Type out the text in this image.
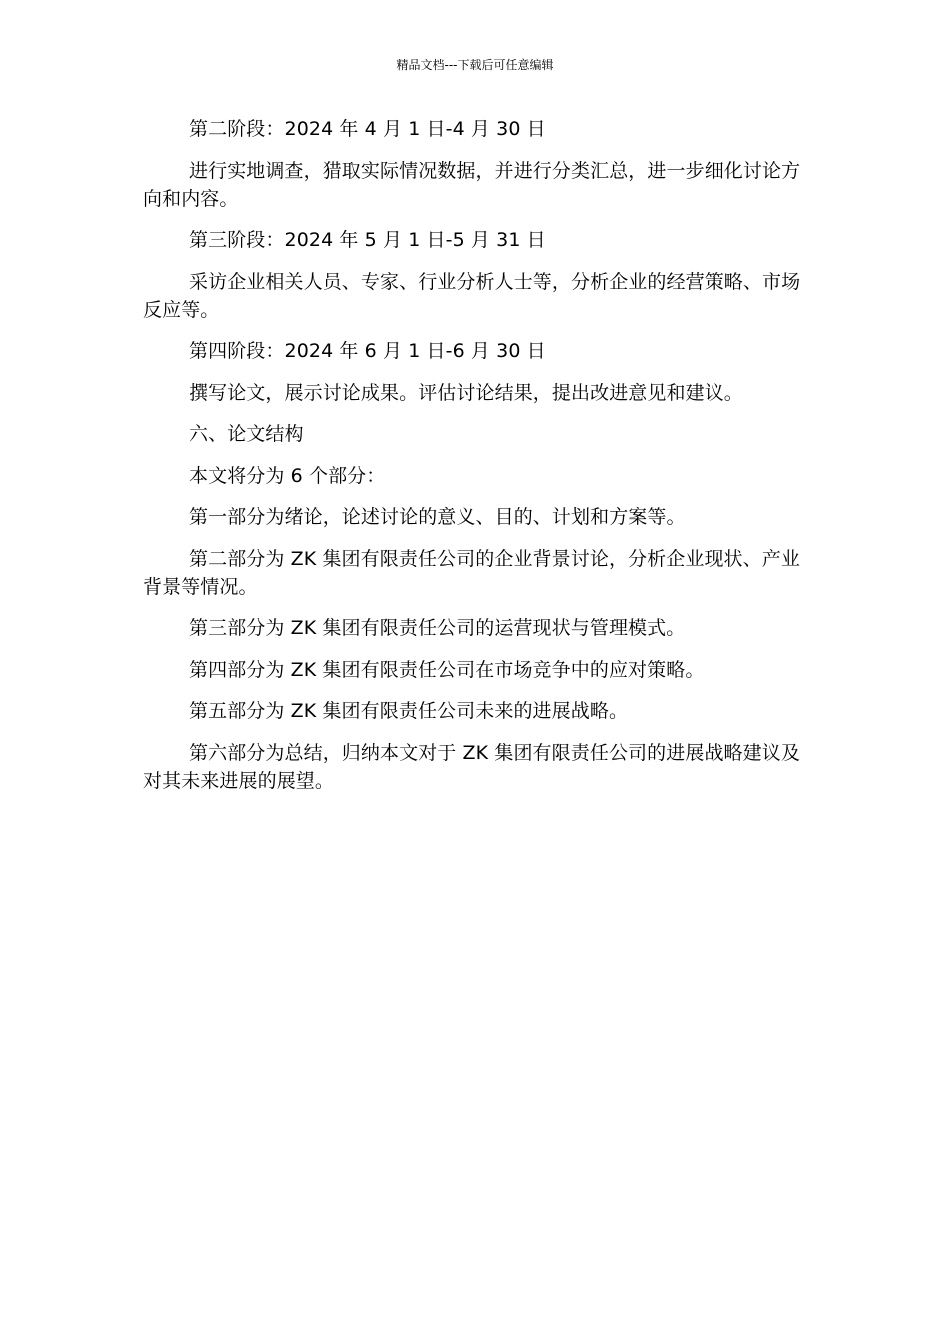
精品文档---下载后可任意编辑

第二阶段：2024 年 4 月 1 日-4 月 30 日

进行实地调查，猎取实际情况数据，并进行分类汇总，进一步细化讨论方向和内容。

第三阶段：2024 年 5 月 1 日-5 月 31 日

采访企业相关人员、专家、行业分析人士等，分析企业的经营策略、市场反应等。

第四阶段：2024 年 6 月 1 日-6 月 30 日

撰写论文，展示讨论成果。评估讨论结果，提出改进意见和建议。

六、论文结构

本文将分为 6 个部分：

第一部分为绪论，论述讨论的意义、目的、计划和方案等。

第二部分为 ZK 集团有限责任公司的企业背景讨论，分析企业现状、产业背景等情况。

第三部分为 ZK 集团有限责任公司的运营现状与管理模式。

第四部分为 ZK 集团有限责任公司在市场竞争中的应对策略。

第五部分为 ZK 集团有限责任公司未来的进展战略。

第六部分为总结，归纳本文对于 ZK 集团有限责任公司的进展战略建议及对其未来进展的展望。
